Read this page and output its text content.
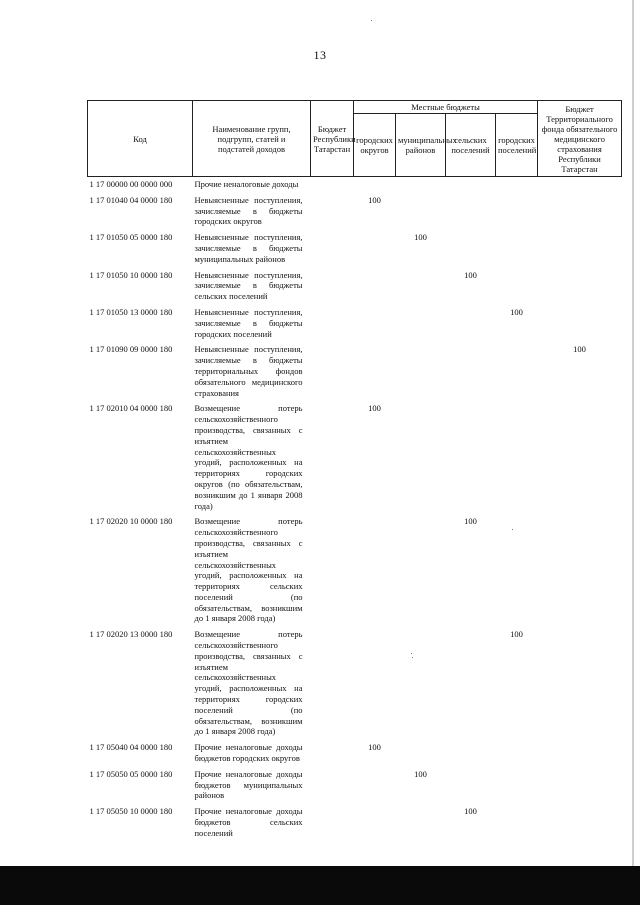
13
Код	Наименование групп, подгрупп, статей и подстатей доходов	Бюджет Республики Татарстан	Местные бюджеты				Бюджет Территориального фонда обязательного медицинского страхования Республики Татарстан
			городских округов	муниципальных районов	сельских поселений	городских поселений	
1 17 00000 00 0000 000	Прочие неналоговые доходы						
1 17 01040 04 0000 180	Невыясненные поступления, зачисляемые в бюджеты городских округов		100				
1 17 01050 05 0000 180	Невыясненные поступления, зачисляемые в бюджеты муниципальных районов			100			
1 17 01050 10 0000 180	Невыясненные поступления, зачисляемые в бюджеты сельских поселений				100		
1 17 01050 13 0000 180	Невыясненные поступления, зачисляемые в бюджеты городских поселений					100	
1 17 01090 09 0000 180	Невыясненные поступления, зачисляемые в бюджеты территориальных фондов обязательного медицинского страхования						100
1 17 02010 04 0000 180	Возмещение потерь сельскохозяйственного производства, связанных с изъятием сельскохозяйственных угодий, расположенных на территориях городских округов (по обязательствам, возникшим до 1 января 2008 года)		100				
1 17 02020 10 0000 180	Возмещение потерь сельскохозяйственного производства, связанных с изъятием сельскохозяйственных угодий, расположенных на территориях сельских поселений (по обязательствам, возникшим до 1 января 2008 года)				100		
1 17 02020 13 0000 180	Возмещение потерь сельскохозяйственного производства, связанных с изъятием сельскохозяйственных угодий, расположенных на территориях городских поселений (по обязательствам, возникшим до 1 января 2008 года)					100	
1 17 05040 04 0000 180	Прочие неналоговые доходы бюджетов городских округов		100				
1 17 05050 05 0000 180	Прочие неналоговые доходы бюджетов муниципальных районов			100			
1 17 05050 10 0000 180	Прочие неналоговые доходы бюджетов сельских поселений				100		
